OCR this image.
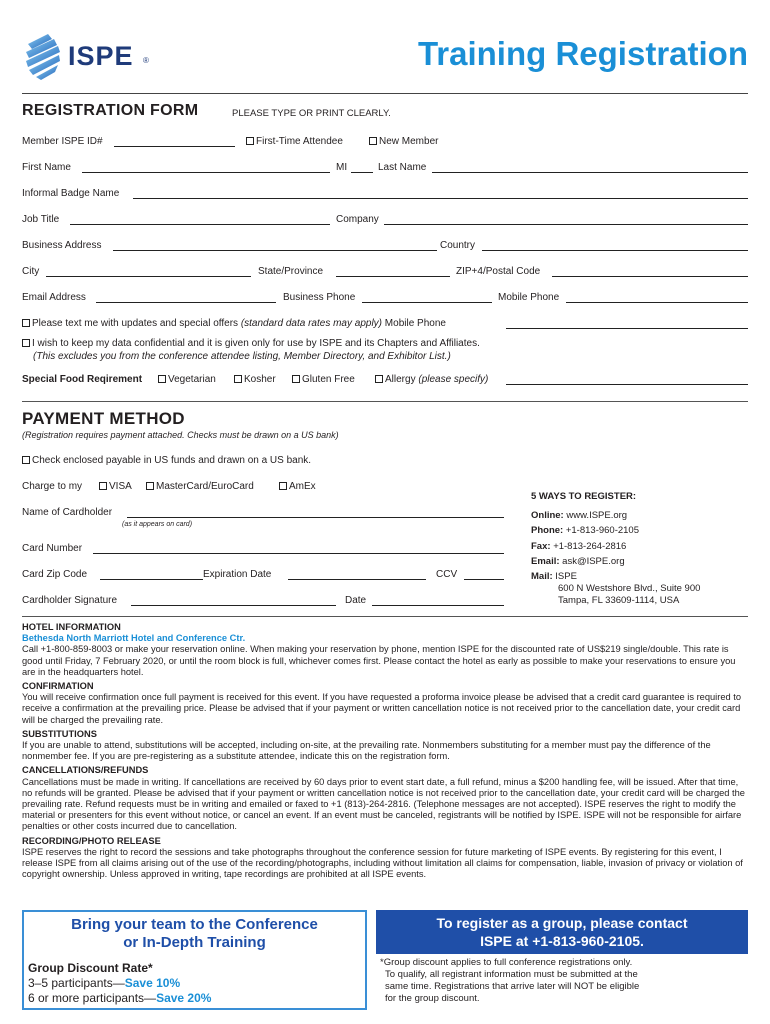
ISPE ®	Training Registration
REGISTRATION FORM	PLEASE TYPE OR PRINT CLEARLY.
Member ISPE ID#	First-Time Attendee	New Member
First Name	MI	Last Name
Informal Badge Name
Job Title	Company
Business Address	Country
City	State/Province	ZIP+4/Postal Code
Email Address	Business Phone	Mobile Phone
Please text me with updates and special offers (standard data rates may apply) Mobile Phone
I wish to keep my data confidential and it is given only for use by ISPE and its Chapters and Affiliates.
(This excludes you from the conference attendee listing, Member Directory, and Exhibitor List.)
Special Food Reqirement	Vegetarian	Kosher	Gluten Free	Allergy (please specify)
PAYMENT METHOD
(Registration requires payment attached. Checks must be drawn on a US bank)
Check enclosed payable in US funds and drawn on a US bank.
Charge to my	VISA	MasterCard/EuroCard	AmEx
Name of Cardholder
(as it appears on card)
Card Number
Card Zip Code	Expiration Date	CCV
Cardholder Signature	Date
5 WAYS TO REGISTER:
Online: www.ISPE.org
Phone: +1-813-960-2105
Fax: +1-813-264-2816
Email: ask@ISPE.org
Mail: ISPE
600 N Westshore Blvd., Suite 900
Tampa, FL 33609-1114, USA
HOTEL INFORMATION
Bethesda North Marriott Hotel and Conference Ctr.
Call +1-800-859-8003 or make your reservation online. When making your reservation by phone, mention ISPE for the discounted rate of US$219 single/double. This rate is good until Friday, 7 February 2020, or until the room block is full, whichever comes first. Please contact the hotel as early as possible to make your reservations to ensure you are in the headquarters hotel.
CONFIRMATION
You will receive confirmation once full payment is received for this event. If you have requested a proforma invoice please be advised that a credit card guarantee is required to receive a confirmation at the prevailing price. Please be advised that if your payment or written cancellation notice is not received prior to the cancellation date, your credit card will be charged the prevailing rate.
SUBSTITUTIONS
If you are unable to attend, substitutions will be accepted, including on-site, at the prevailing rate. Nonmembers substituting for a member must pay the difference of the nonmember fee. If you are pre-registering as a substitute attendee, indicate this on the registration form.
CANCELLATIONS/REFUNDS
Cancellations must be made in writing. If cancellations are received by 60 days prior to event start date, a full refund, minus a $200 handling fee, will be issued. After that time, no refunds will be granted. Please be advised that if your payment or written cancellation notice is not received prior to the cancellation date, your credit card will be charged the prevailing rate. Refund requests must be in writing and emailed or faxed to +1 (813)-264-2816. (Telephone messages are not accepted). ISPE reserves the right to modify the material or presenters for this event without notice, or cancel an event. If an event must be canceled, registrants will be notified by ISPE. ISPE will not be responsible for airfare penalties or other costs incurred due to cancellation.
RECORDING/PHOTO RELEASE
ISPE reserves the right to record the sessions and take photographs throughout the conference session for future marketing of ISPE events. By registering for this event, I release ISPE from all claims arising out of the use of the recording/photographs, including without limitation all claims for compensation, liable, invasion of privacy or violation of copyright ownership. Unless approved in writing, tape recordings are prohibited at all ISPE events.
Bring your team to the Conference
or In-Depth Training
Group Discount Rate*
3–5 participants—Save 10%
6 or more participants—Save 20%
To register as a group, please contact
ISPE at +1-813-960-2105.
*Group discount applies to full conference registrations only.
To qualify, all registrant information must be submitted at the
same time. Registrations that arrive later will NOT be eligible
for the group discount.
